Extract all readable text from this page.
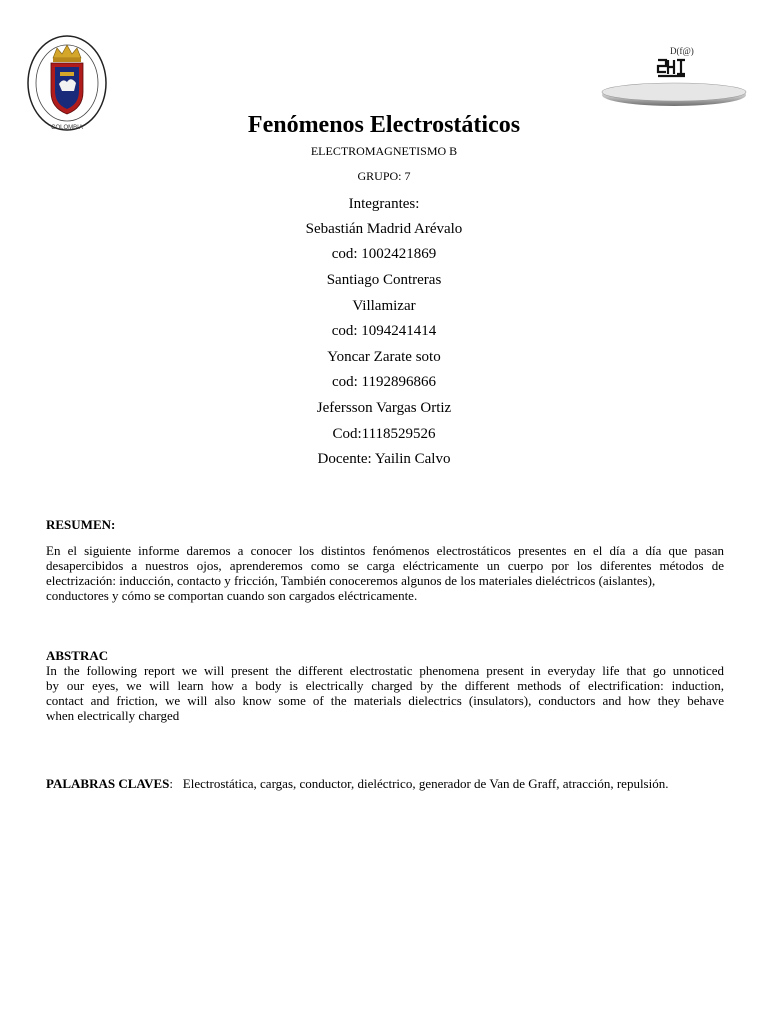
COLOMBIA
D(f@)
Fenómenos Electrostáticos
ELECTROMAGNETISMO B
GRUPO: 7
Integrantes:
Sebastián Madrid Arévalo
cod: 1002421869
Santiago Contreras
Villamizar
cod: 1094241414
Yoncar Zarate soto
cod: 1192896866
Jefersson Vargas Ortiz
Cod:1118529526
Docente: Yailin Calvo
RESUMEN:
En el siguiente informe daremos a conocer los distintos fenómenos electrostáticos presentes en el día a día que pasan
desapercibidos a nuestros ojos, aprenderemos como se carga eléctricamente un cuerpo por los diferentes métodos de
electrización: inducción, contacto y fricción, También conoceremos algunos de los materiales dieléctricos (aislantes),
conductores y cómo se comportan cuando son cargados eléctricamente.
ABSTRAC
In the following report we will present the different electrostatic phenomena present in everyday life that go unnoticed
by our eyes, we will learn how a body is electrically charged by the different methods of electrification: induction,
contact and friction, we will also know some of the materials dielectrics (insulators), conductors and how they behave
when electrically charged
PALABRAS CLAVES: Electrostática, cargas, conductor, dieléctrico, generador de Van de Graff, atracción, repulsión.
